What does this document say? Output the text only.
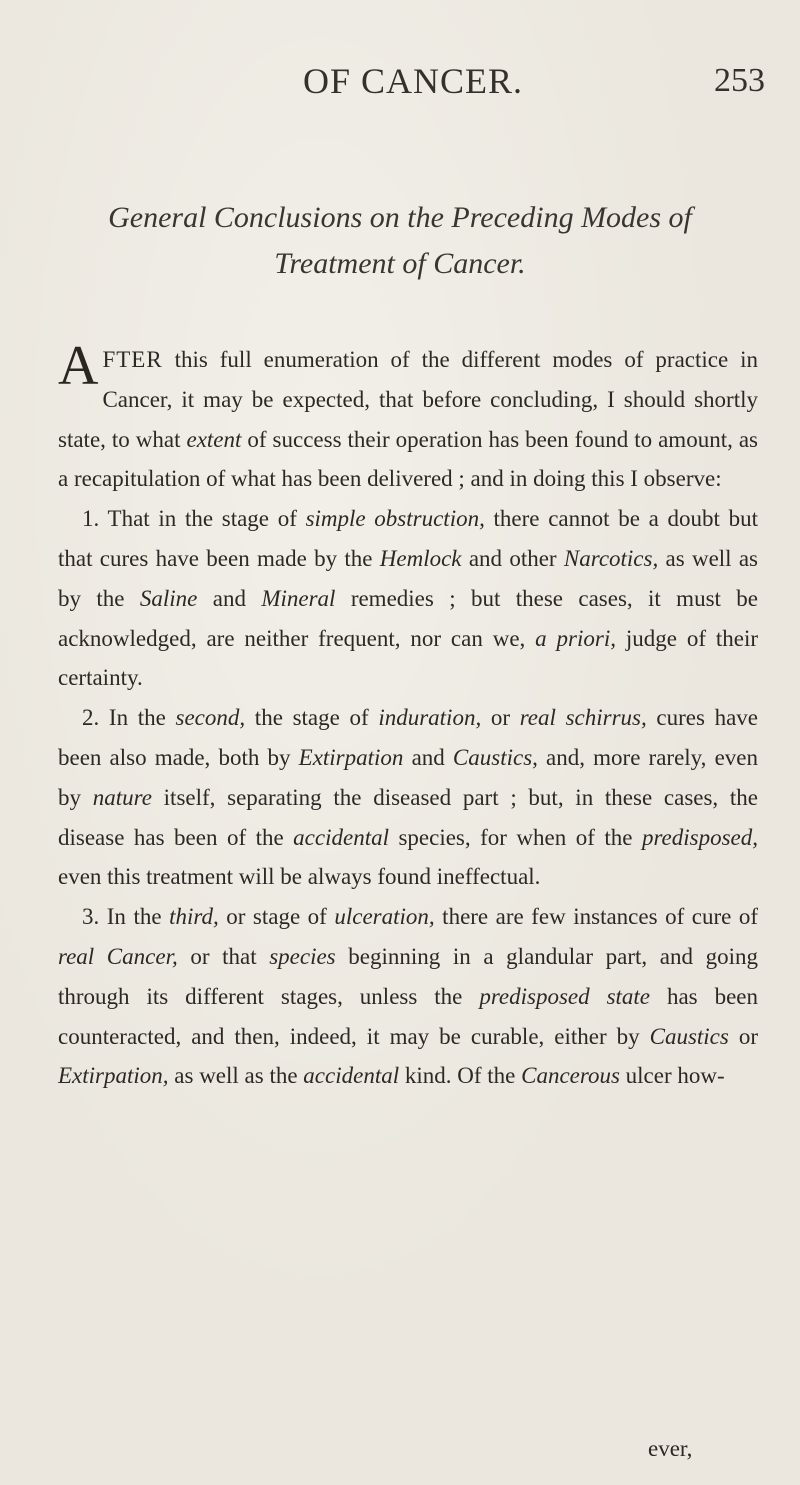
OF CANCER.	253
General Conclusions on the Preceding Modes of
Treatment of Cancer.

AFTER this full enumeration of the different modes of practice in Cancer, it may be expected, that before concluding, I should shortly state, to what extent of success their operation has been found to amount, as a recapitulation of what has been delivered ; and in doing this I observe:

1. That in the stage of simple obstruction, there cannot be a doubt but that cures have been made by the Hemlock and other Narcotics, as well as by the Saline and Mineral remedies ; but these cases, it must be acknowledged, are neither frequent, nor can we, a priori, judge of their certainty.

2. In the second, the stage of induration, or real schirrus, cures have been also made, both by Extirpation and Caustics, and, more rarely, even by nature itself, separating the diseased part ; but, in these cases, the disease has been of the accidental species, for when of the predisposed, even this treatment will be always found ineffectual.

3. In the third, or stage of ulceration, there are few instances of cure of real Cancer, or that species beginning in a glandular part, and going through its different stages, unless the predisposed state has been counteracted, and then, indeed, it may be curable, either by Caustics or Extirpation, as well as the accidental kind. Of the Cancerous ulcer how-

ever,
